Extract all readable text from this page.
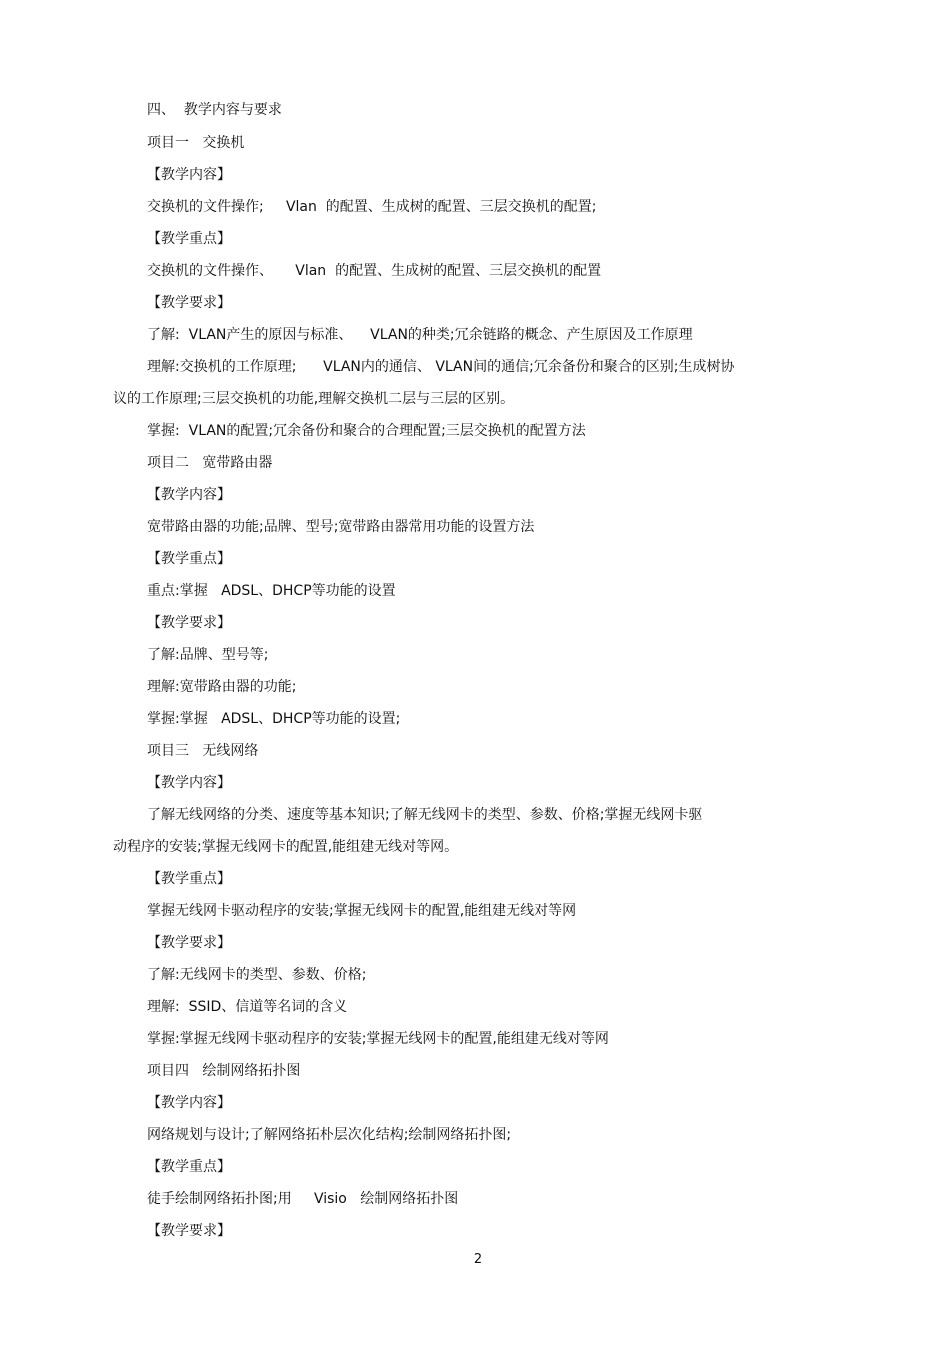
四、  教学内容与要求

项目一   交换机

【教学内容】

交换机的文件操作;     Vlan  的配置、生成树的配置、三层交换机的配置;

【教学重点】

交换机的文件操作、     Vlan  的配置、生成树的配置、三层交换机的配置

【教学要求】

了解:  VLAN产生的原因与标准、    VLAN的种类;冗余链路的概念、产生原因及工作原理

理解:交换机的工作原理;      VLAN内的通信、 VLAN间的通信;冗余备份和聚合的区别;生成树协

议的工作原理;三层交换机的功能,理解交换机二层与三层的区别。

掌握:  VLAN的配置;冗余备份和聚合的合理配置;三层交换机的配置方法

项目二   宽带路由器

【教学内容】

宽带路由器的功能;品牌、型号;宽带路由器常用功能的设置方法

【教学重点】

重点:掌握   ADSL、DHCP等功能的设置

【教学要求】

了解:品牌、型号等;

理解:宽带路由器的功能;

掌握:掌握   ADSL、DHCP等功能的设置;

项目三   无线网络

【教学内容】

了解无线网络的分类、速度等基本知识;了解无线网卡的类型、参数、价格;掌握无线网卡驱

动程序的安装;掌握无线网卡的配置,能组建无线对等网。

【教学重点】

掌握无线网卡驱动程序的安装;掌握无线网卡的配置,能组建无线对等网

【教学要求】

了解:无线网卡的类型、参数、价格;

理解:  SSID、信道等名词的含义

掌握:掌握无线网卡驱动程序的安装;掌握无线网卡的配置,能组建无线对等网

项目四   绘制网络拓扑图

【教学内容】

网络规划与设计;了解网络拓朴层次化结构;绘制网络拓扑图;

【教学重点】

徒手绘制网络拓扑图;用     Visio   绘制网络拓扑图

【教学要求】

2
